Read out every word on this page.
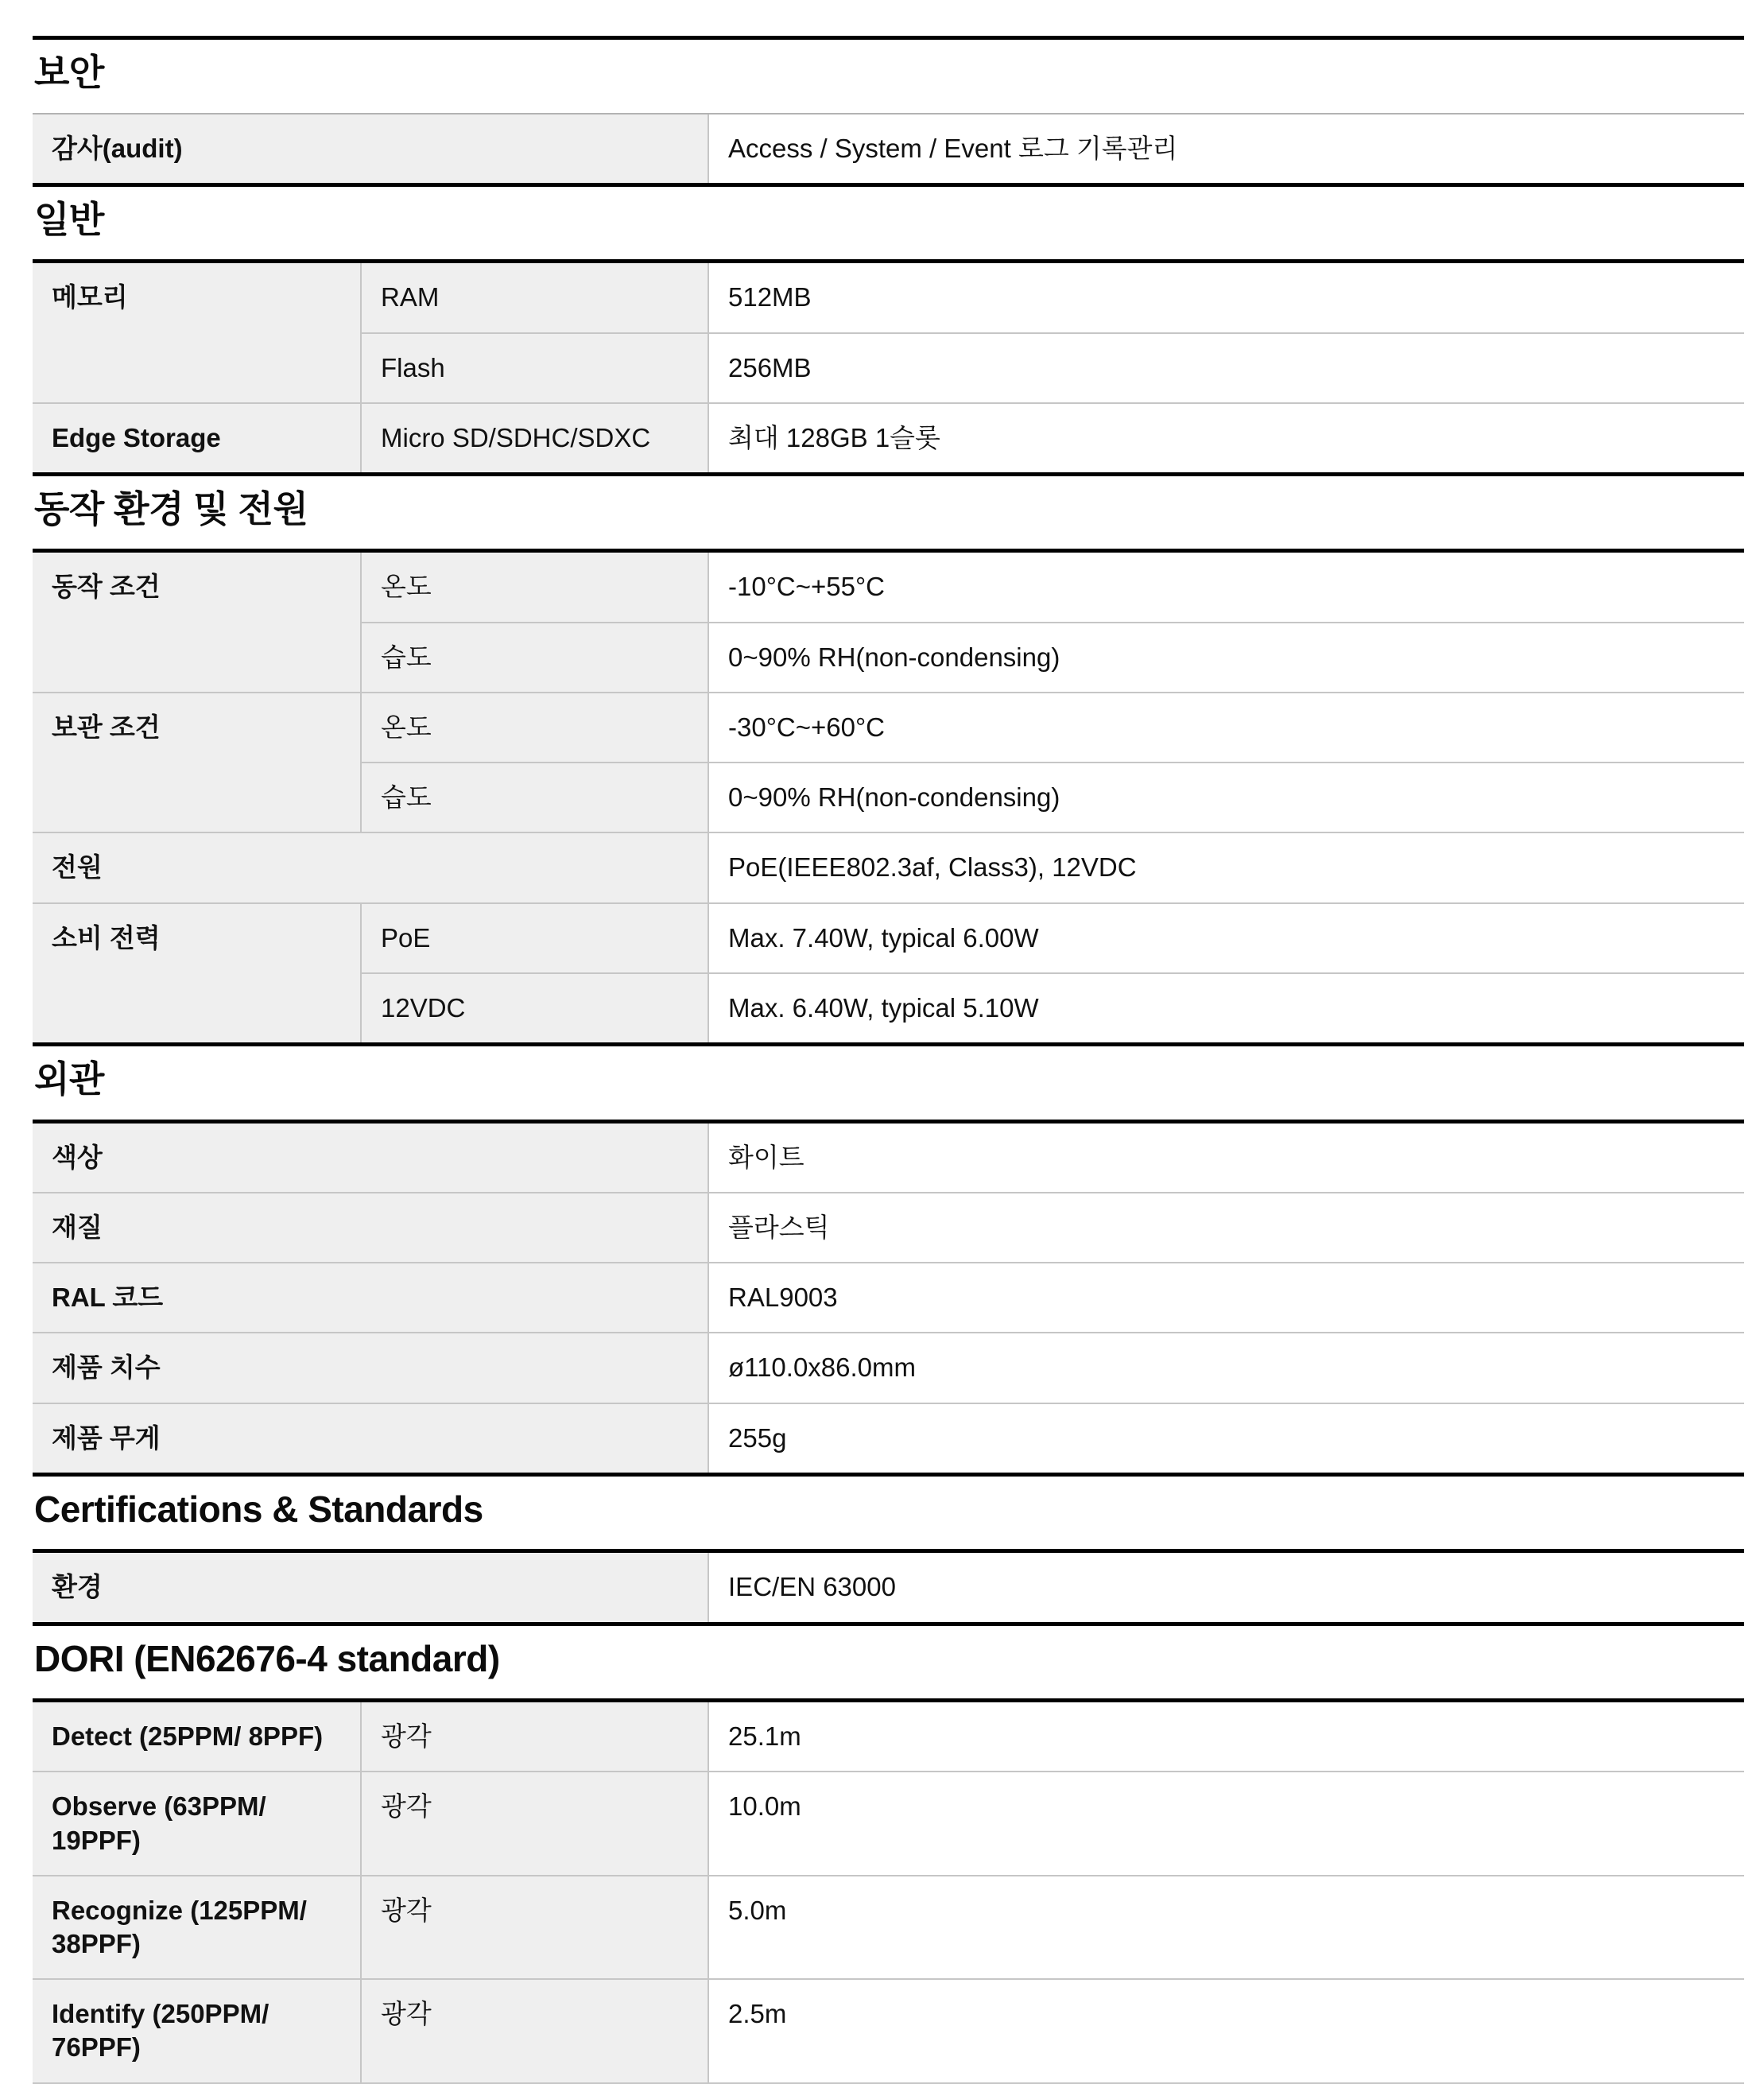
보안
감사(audit)	Access / System / Event 로그 기록관리
일반
메모리	RAM	512MB
	Flash	256MB
Edge Storage	Micro SD/SDHC/SDXC	최대 128GB 1슬롯
동작 환경 및 전원
동작 조건	온도	-10°C~+55°C
	습도	0~90% RH(non-condensing)
보관 조건	온도	-30°C~+60°C
	습도	0~90% RH(non-condensing)
전원		PoE(IEEE802.3af, Class3), 12VDC
소비 전력	PoE	Max. 7.40W, typical 6.00W
	12VDC	Max. 6.40W, typical 5.10W
외관
색상	화이트
재질	플라스틱
RAL 코드	RAL9003
제품 치수	ø110.0x86.0mm
제품 무게	255g
Certifications & Standards
환경	IEC/EN 63000
DORI (EN62676-4 standard)
Detect (25PPM/ 8PPF)	광각	25.1m
Observe (63PPM/ 19PPF)	광각	10.0m
Recognize (125PPM/ 38PPF)	광각	5.0m
Identify (250PPM/ 76PPF)	광각	2.5m
